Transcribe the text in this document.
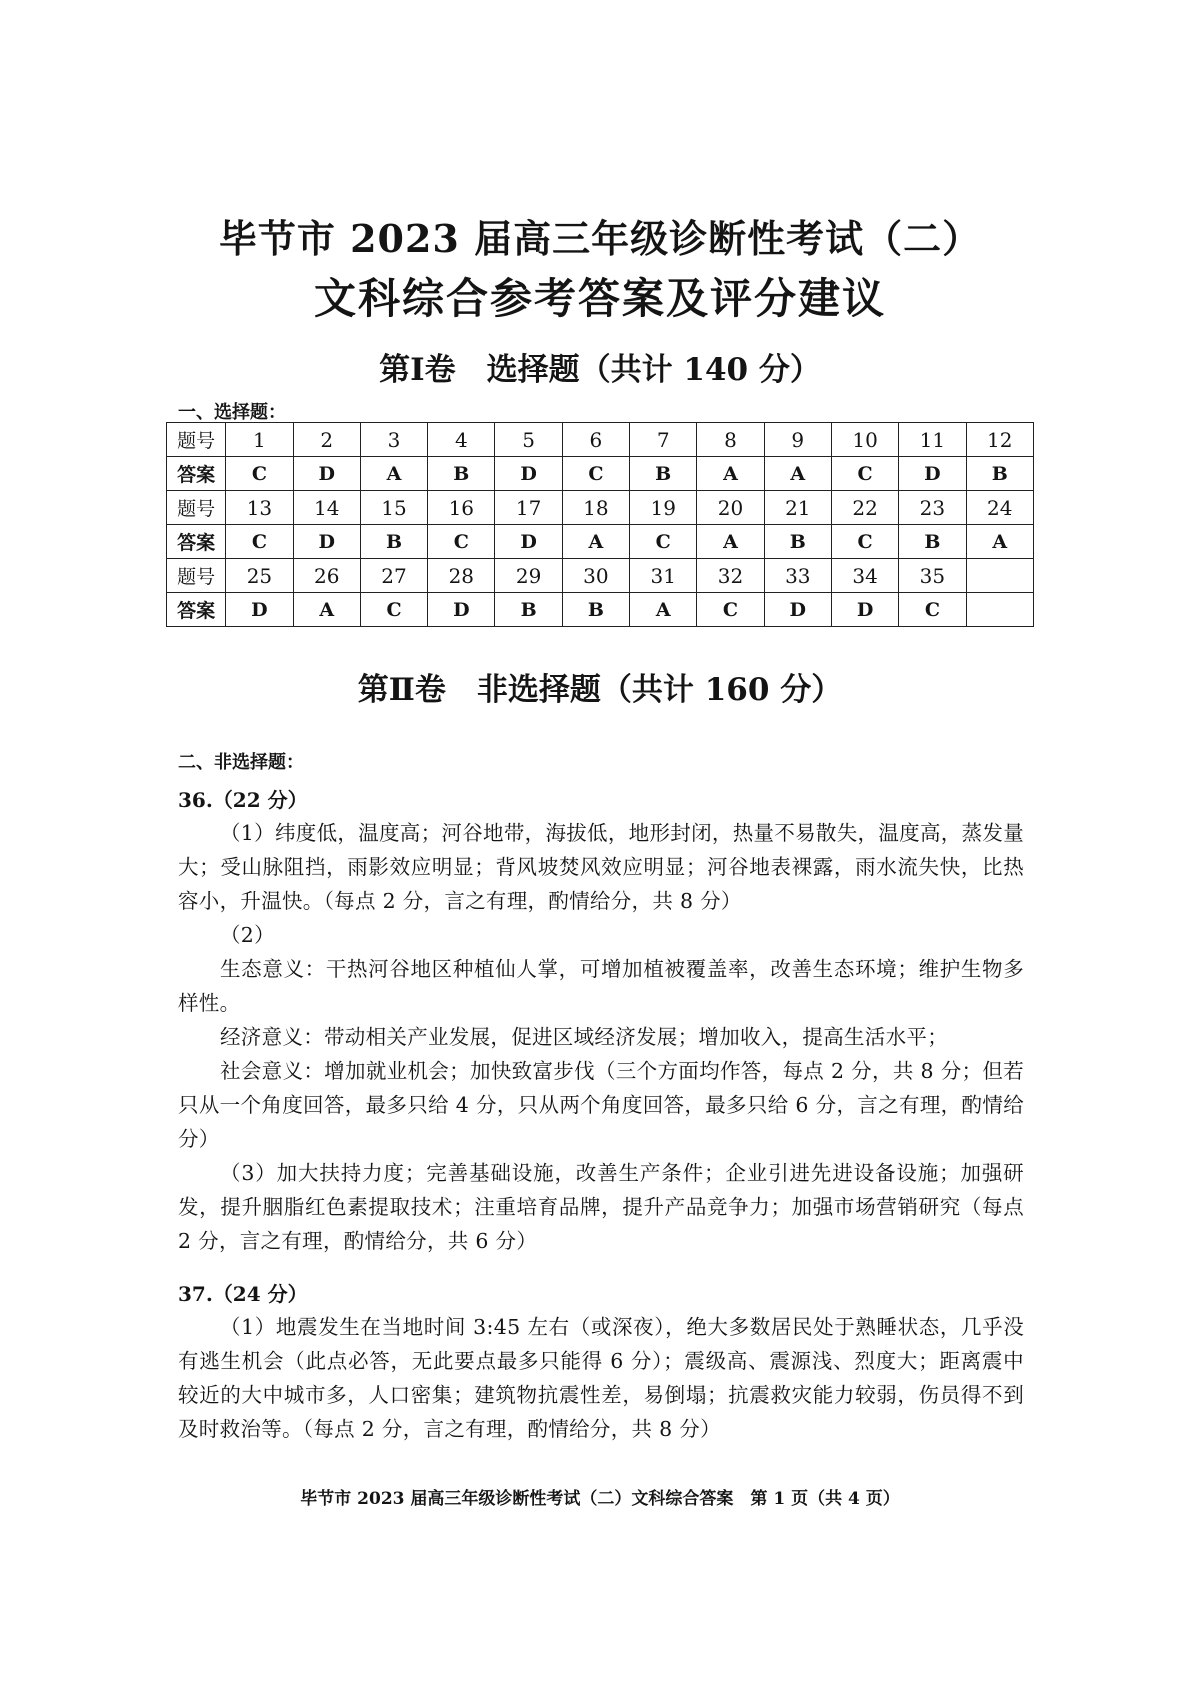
毕节市 2023 届高三年级诊断性考试（二）
文科综合参考答案及评分建议
第Ⅰ卷　选择题（共计 140 分）
一、选择题：
题号	1	2	3	4	5	6	7	8	9	10	11	12
答案	C	D	A	B	D	C	B	A	A	C	D	B
题号	13	14	15	16	17	18	19	20	21	22	23	24
答案	C	D	B	C	D	A	C	A	B	C	B	A
题号	25	26	27	28	29	30	31	32	33	34	35	
答案	D	A	C	D	B	B	A	C	D	D	C	
第Ⅱ卷　非选择题（共计 160 分）
二、非选择题：
36.（22 分）
（1）纬度低，温度高；河谷地带，海拔低，地形封闭，热量不易散失，温度高，蒸发量大；受山脉阻挡，雨影效应明显；背风坡焚风效应明显；河谷地表裸露，雨水流失快，比热容小，升温快。（每点 2 分，言之有理，酌情给分，共 8 分）
（2）
生态意义：干热河谷地区种植仙人掌，可增加植被覆盖率，改善生态环境；维护生物多样性。
经济意义：带动相关产业发展，促进区域经济发展；增加收入，提高生活水平；
社会意义：增加就业机会；加快致富步伐（三个方面均作答，每点 2 分，共 8 分；但若只从一个角度回答，最多只给 4 分，只从两个角度回答，最多只给 6 分，言之有理，酌情给分）
（3）加大扶持力度；完善基础设施，改善生产条件；企业引进先进设备设施；加强研发，提升胭脂红色素提取技术；注重培育品牌，提升产品竞争力；加强市场营销研究（每点 2 分，言之有理，酌情给分，共 6 分）
37.（24 分）
（1）地震发生在当地时间 3:45 左右（或深夜），绝大多数居民处于熟睡状态，几乎没有逃生机会（此点必答，无此要点最多只能得 6 分）；震级高、震源浅、烈度大；距离震中较近的大中城市多，人口密集；建筑物抗震性差，易倒塌；抗震救灾能力较弱，伤员得不到及时救治等。（每点 2 分，言之有理，酌情给分，共 8 分）
毕节市 2023 届高三年级诊断性考试（二）文科综合答案　第 1 页（共 4 页）
